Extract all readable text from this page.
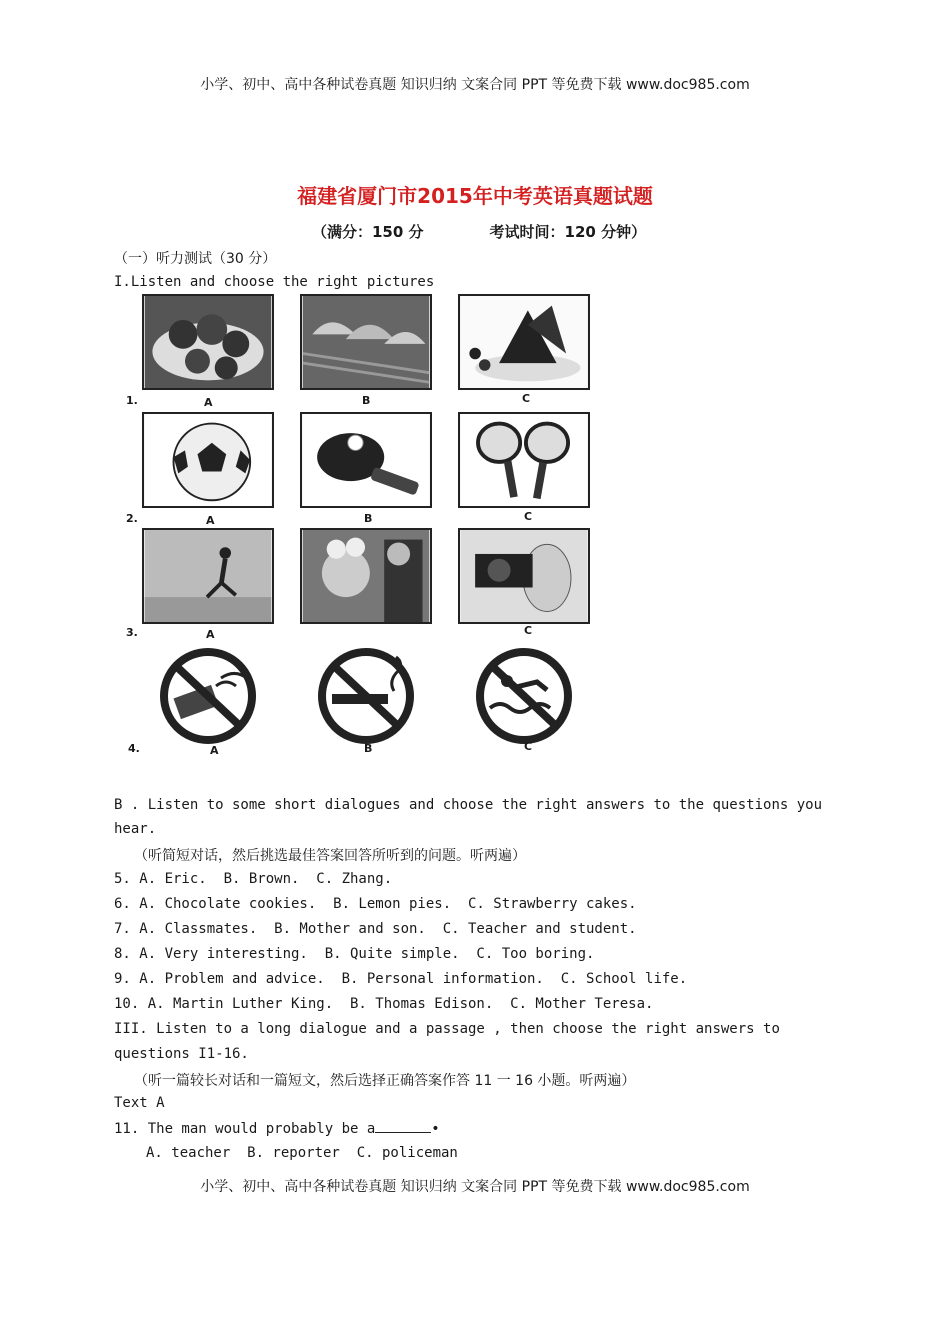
小学、初中、高中各种试卷真题 知识归纳 文案合同 PPT 等免费下载 www.doc985.com
福建省厦门市2015年中考英语真题试题
（满分：150 分	考试时间：120 分钟）
（一）听力测试（30 分）
I.Listen and choose the right pictures
1.	A	B	C
2.	A	B	C
3.	A	C
4.	A	B	C
B . Listen to some short dialogues and choose the right answers to the questions you
hear.
（听简短对话，然后挑选最佳答案回答所听到的问题。听两遍）
5. A. Eric.  B. Brown.  C. Zhang.
6. A. Chocolate cookies.  B. Lemon pies.  C. Strawberry cakes.
7. A. Classmates.  B. Mother and son.  C. Teacher and student.
8. A. Very interesting.  B. Quite simple.  C. Too boring.
9. A. Problem and advice.  B. Personal information.  C. School life.
10. A. Martin Luther King.  B. Thomas Edison.  C. Mother Teresa.
III. Listen to a long dialogue and a passage , then choose the right answers to
questions I1-16.
（听一篇较长对话和一篇短文，然后选择正确答案作答 11 一 16 小题。听两遍）
Text A
11. The man would probably be a	•
A. teacher  B. reporter  C. policeman
小学、初中、高中各种试卷真题 知识归纳 文案合同 PPT 等免费下载 www.doc985.com
